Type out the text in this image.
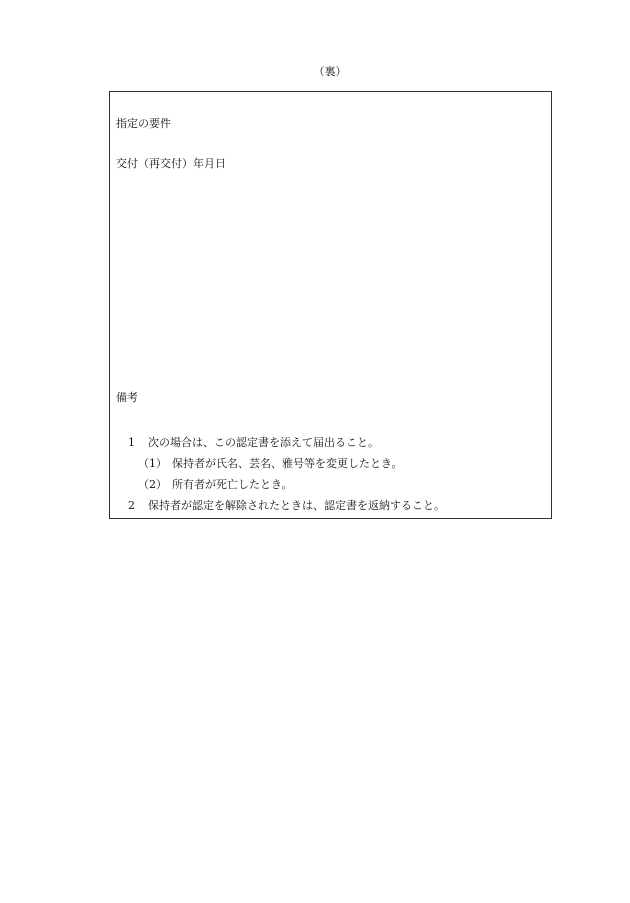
（裏）
指定の要件
交付（再交付）年月日
備考
1 次の場合は、この認定書を添えて届出ること。
（1） 保持者が氏名、芸名、雅号等を変更したとき。
（2） 所有者が死亡したとき。
2 保持者が認定を解除されたときは、認定書を返納すること。
